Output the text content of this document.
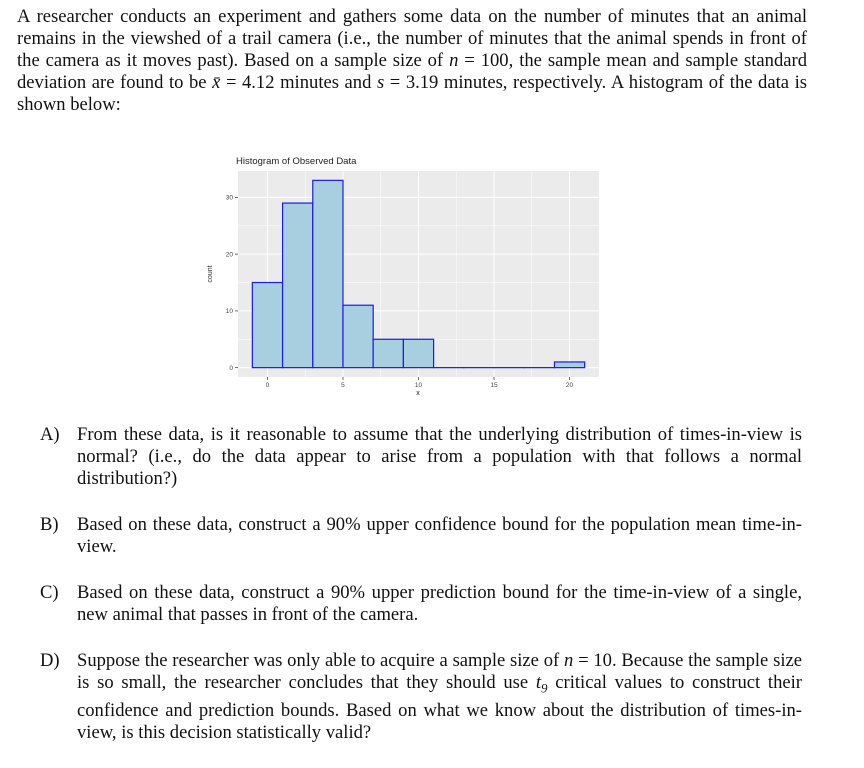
A researcher conducts an experiment and gathers some data on the number of minutes that an animal remains in the viewshed of a trail camera (i.e., the number of minutes that the animal spends in front of the camera as it moves past). Based on a sample size of n = 100, the sample mean and sample standard deviation are found to be x̄ = 4.12 minutes and s = 3.19 minutes, respectively. A histogram of the data is shown below:

Histogram of Observed Data
0
10
20
30
0	5	10	15	20
count
x
A) From these data, is it reasonable to assume that the underlying distribution of times-in-view is normal? (i.e., do the data appear to arise from a population with that follows a normal distribution?)
B) Based on these data, construct a 90% upper confidence bound for the population mean time-in-view.
C) Based on these data, construct a 90% upper prediction bound for the time-in-view of a single, new animal that passes in front of the camera.
D) Suppose the researcher was only able to acquire a sample size of n = 10. Because the sample size is so small, the researcher concludes that they should use $t_9$ critical values to construct their confidence and prediction bounds. Based on what we know about the distribution of times-in-view, is this decision statistically valid?
